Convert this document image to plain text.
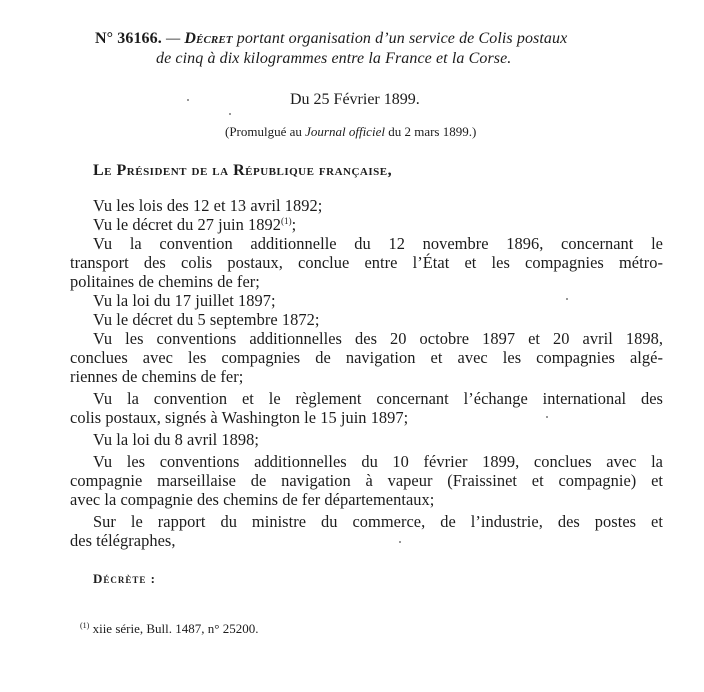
N° 36166. — Décret portant organisation d’un service de Colis postaux
de cinq à dix kilogrammes entre la France et la Corse.
Du 25 Février 1899.
(Promulgué au Journal officiel du 2 mars 1899.)
Le Président de la République française,
Vu les lois des 12 et 13 avril 1892;
Vu le décret du 27 juin 1892$^{(1)}$;
Vu la convention additionnelle du 12 novembre 1896, concernant le
transport des colis postaux, conclue entre l’État et les compagnies métro-
politaines de chemins de fer;
Vu la loi du 17 juillet 1897;
Vu le décret du 5 septembre 1872;
Vu les conventions additionnelles des 20 octobre 1897 et 20 avril 1898,
conclues avec les compagnies de navigation et avec les compagnies algé-
riennes de chemins de fer;
Vu la convention et le règlement concernant l’échange international des
colis postaux, signés à Washington le 15 juin 1897;
Vu la loi du 8 avril 1898;
Vu les conventions additionnelles du 10 février 1899, conclues avec la
compagnie marseillaise de navigation à vapeur (Fraissinet et compagnie) et
avec la compagnie des chemins de fer départementaux;
Sur le rapport du ministre du commerce, de l’industrie, des postes et
des télégraphes,
Décrète :
$^{(1)}$ xiie série, Bull. 1487, n° 25200.
